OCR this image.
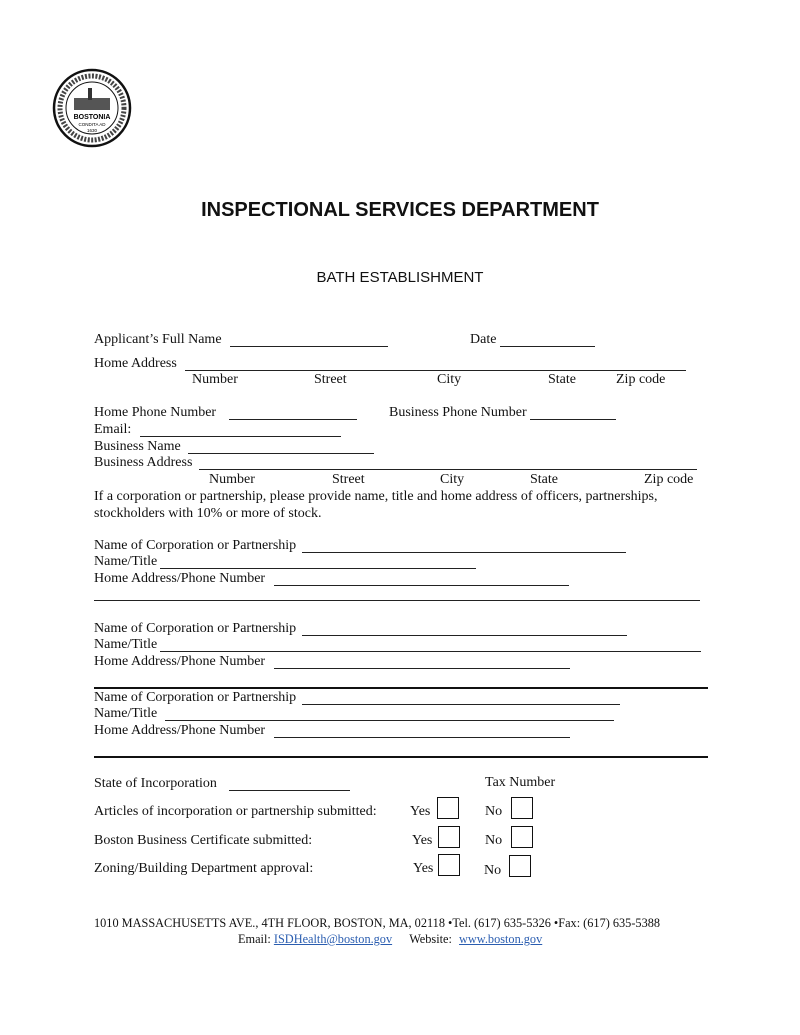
BOSTONIA
CONDITA AD
1630
INSPECTIONAL SERVICES DEPARTMENT
BATH ESTABLISHMENT
Applicant’s Full Name	Date
Home Address
Number	Street	City	State	Zip code
Home Phone Number	Business Phone Number
Email:
Business Name
Business Address
Number	Street	City	State	Zip code
If a corporation or partnership, please provide name, title and home address of officers, partnerships,
stockholders with 10% or more of stock.
Name of Corporation or Partnership
Name/Title
Home Address/Phone Number
Name of Corporation or Partnership
Name/Title
Home Address/Phone Number
Name of Corporation or Partnership
Name/Title
Home Address/Phone Number
State of Incorporation	Tax Number
Articles of incorporation or partnership submitted: Yes	No
Boston Business Certificate submitted:	Yes	No
Zoning/Building Department approval:	Yes	No
1010 MASSACHUSETTS AVE., 4TH FLOOR, BOSTON, MA, 02118 •Tel. (617) 635-5326 •Fax: (617) 635-5388
Email: ISDHealth@boston.gov Website: www.boston.gov
